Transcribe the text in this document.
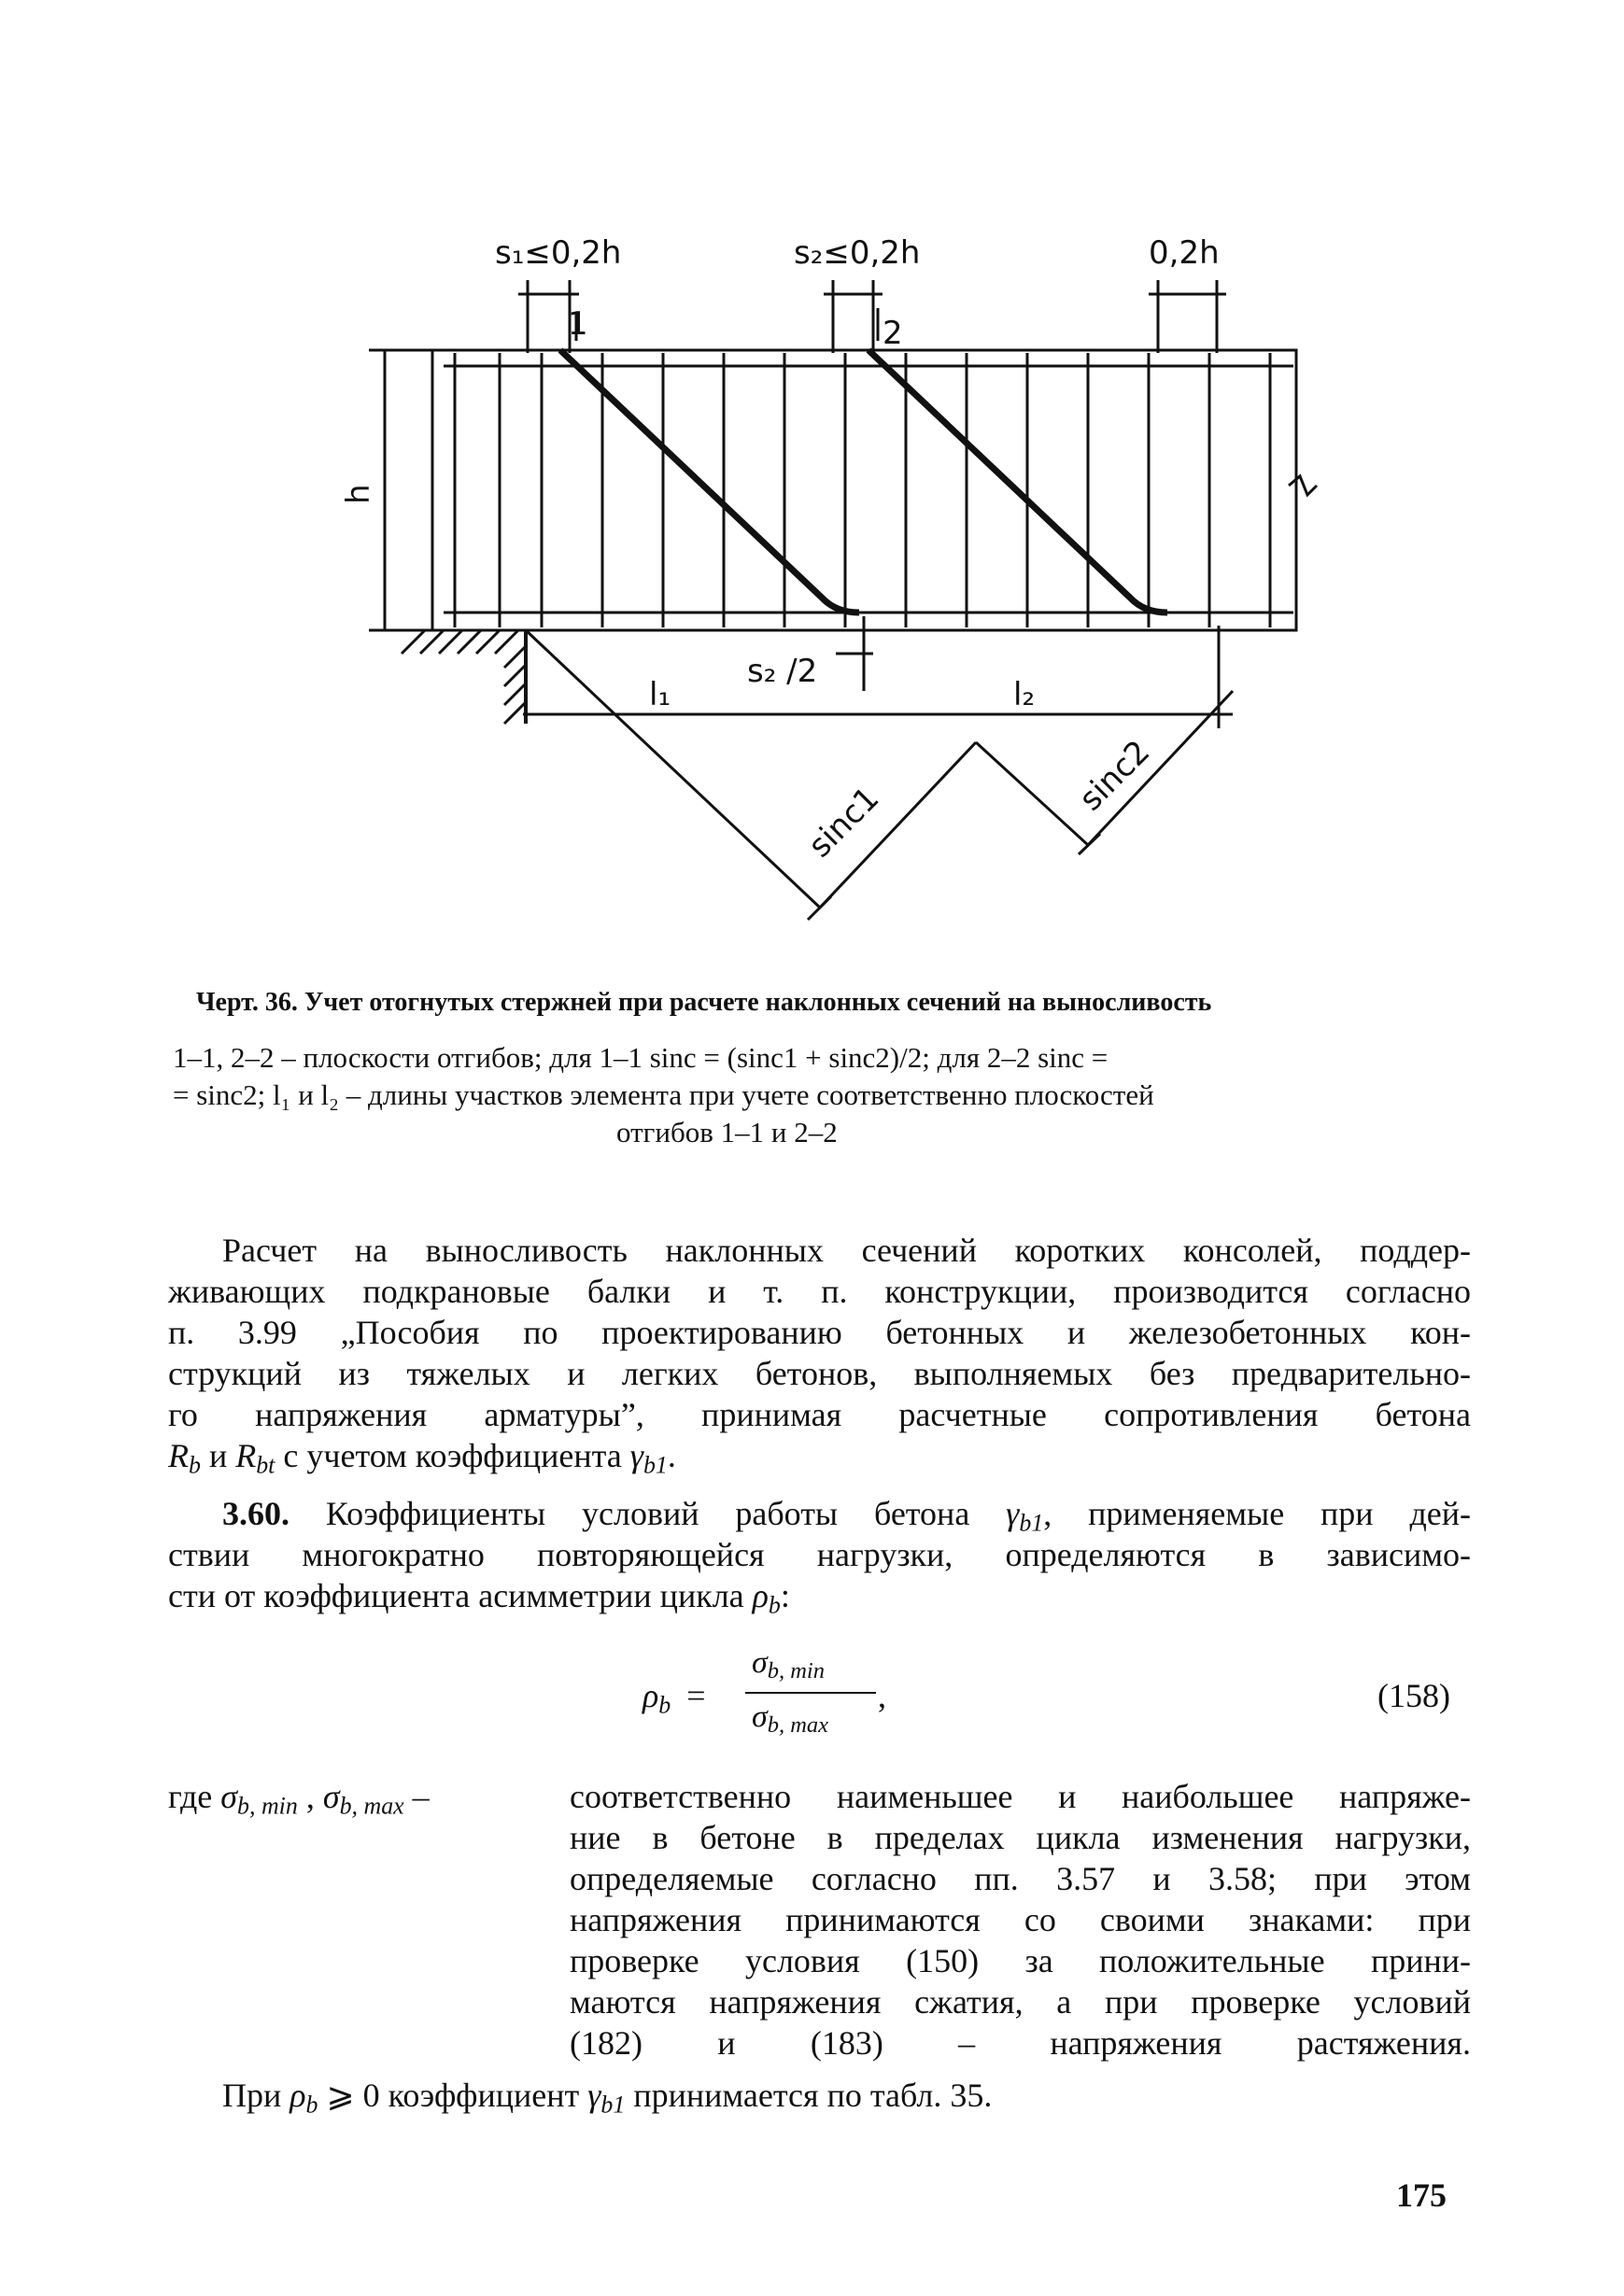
s₁≤0,2h	s₂≤0,2h	0,2h
1	2
h
s₂ /2
l₁	l₂
sinc1
sinc2
Черт. 36. Учет отогнутых стержней при расчете наклонных сечений на выносливость
1–1, 2–2 – плоскости отгибов; для 1–1 sinc = (sinc1 + sinc2)/2; для 2–2 sinc =
= sinc2; l₁ и l₂ – длины участков элемента при учете соответственно плоскостей
отгибов 1–1 и 2–2
Расчет на выносливость наклонных сечений коротких консолей, поддер-
живающих подкрановые балки и т. п. конструкции, производится согласно
п. 3.99 „Пособия по проектированию бетонных и железобетонных кон-
струкций из тяжелых и легких бетонов, выполняемых без предварительно-
го напряжения арматуры”, принимая расчетные сопротивления бетона
$R_b$ и $R_{bt}$ с учетом коэффициента $\gamma_{b1}$.
3.60. Коэффициенты условий работы бетона $\gamma_{b1}$, применяемые при дей-
ствии многократно повторяющейся нагрузки, определяются в зависимо-
сти от коэффициента асимметрии цикла $\rho_b$:
$\rho_b$ =
$\sigma_{b, min}$
$\sigma_{b, max}$
,	(158)
где $\sigma_{b, min}$ , $\sigma_{b, max}$ –	соответственно наименьшее и наибольшее напряже-
ние в бетоне в пределах цикла изменения нагрузки,
определяемые согласно пп. 3.57 и 3.58; при этом
напряжения принимаются со своими знаками: при
проверке условия (150) за положительные прини-
маются напряжения сжатия, а при проверке условий
(182) и (183) – напряжения растяжения.
При $\rho_b$ ⩾ 0 коэффициент $\gamma_{b1}$ принимается по табл. 35.
175
